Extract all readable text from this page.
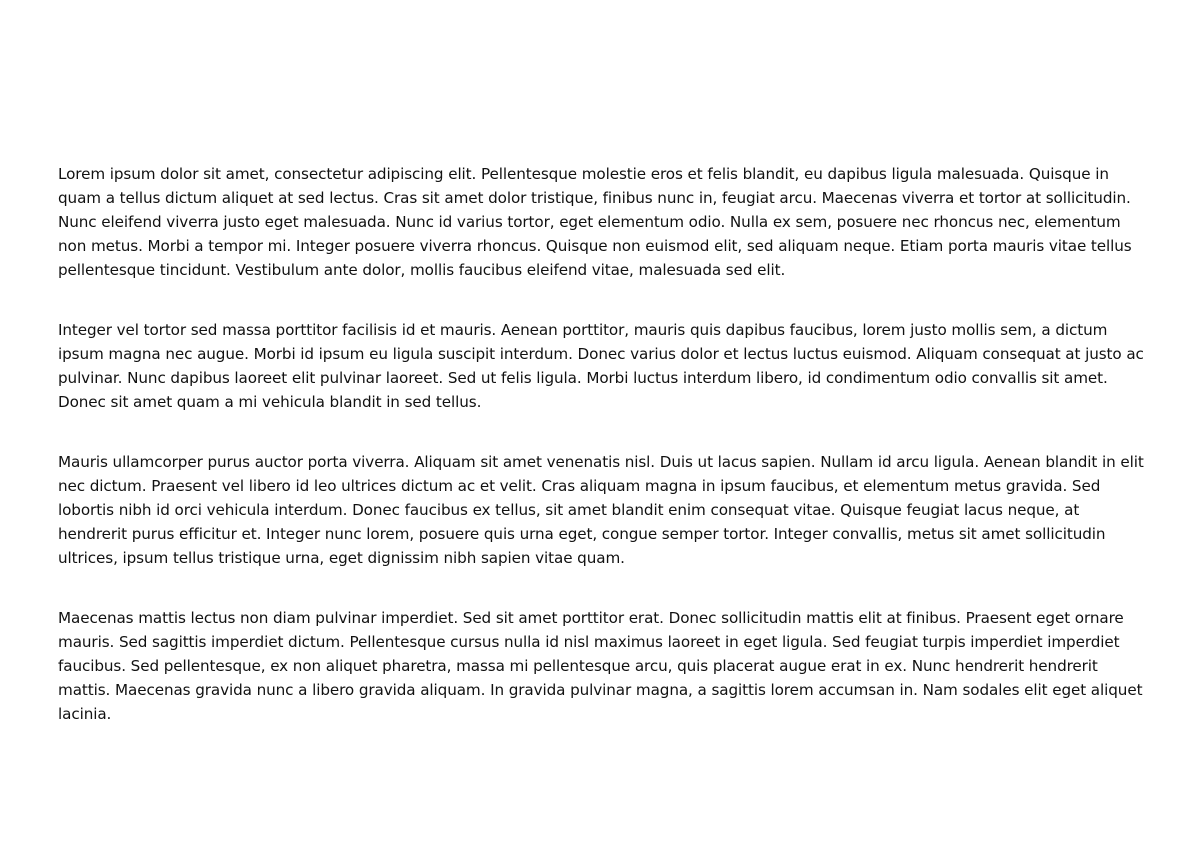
Lorem ipsum dolor sit amet, consectetur adipiscing elit. Pellentesque molestie eros et felis blandit, eu dapibus ligula malesuada. Quisque in quam a tellus dictum aliquet at sed lectus. Cras sit amet dolor tristique, finibus nunc in, feugiat arcu. Maecenas viverra et tortor at sollicitudin. Nunc eleifend viverra justo eget malesuada. Nunc id varius tortor, eget elementum odio. Nulla ex sem, posuere nec rhoncus nec, elementum non metus. Morbi a tempor mi. Integer posuere viverra rhoncus. Quisque non euismod elit, sed aliquam neque. Etiam porta mauris vitae tellus pellentesque tincidunt. Vestibulum ante dolor, mollis faucibus eleifend vitae, malesuada sed elit.

Integer vel tortor sed massa porttitor facilisis id et mauris. Aenean porttitor, mauris quis dapibus faucibus, lorem justo mollis sem, a dictum ipsum magna nec augue. Morbi id ipsum eu ligula suscipit interdum. Donec varius dolor et lectus luctus euismod. Aliquam consequat at justo ac pulvinar. Nunc dapibus laoreet elit pulvinar laoreet. Sed ut felis ligula. Morbi luctus interdum libero, id condimentum odio convallis sit amet. Donec sit amet quam a mi vehicula blandit in sed tellus.

Mauris ullamcorper purus auctor porta viverra. Aliquam sit amet venenatis nisl. Duis ut lacus sapien. Nullam id arcu ligula. Aenean blandit in elit nec dictum. Praesent vel libero id leo ultrices dictum ac et velit. Cras aliquam magna in ipsum faucibus, et elementum metus gravida. Sed lobortis nibh id orci vehicula interdum. Donec faucibus ex tellus, sit amet blandit enim consequat vitae. Quisque feugiat lacus neque, at hendrerit purus efficitur et. Integer nunc lorem, posuere quis urna eget, congue semper tortor. Integer convallis, metus sit amet sollicitudin ultrices, ipsum tellus tristique urna, eget dignissim nibh sapien vitae quam.

Maecenas mattis lectus non diam pulvinar imperdiet. Sed sit amet porttitor erat. Donec sollicitudin mattis elit at finibus. Praesent eget ornare mauris. Sed sagittis imperdiet dictum. Pellentesque cursus nulla id nisl maximus laoreet in eget ligula. Sed feugiat turpis imperdiet imperdiet faucibus. Sed pellentesque, ex non aliquet pharetra, massa mi pellentesque arcu, quis placerat augue erat in ex. Nunc hendrerit hendrerit mattis. Maecenas gravida nunc a libero gravida aliquam. In gravida pulvinar magna, a sagittis lorem accumsan in. Nam sodales elit eget aliquet lacinia.
